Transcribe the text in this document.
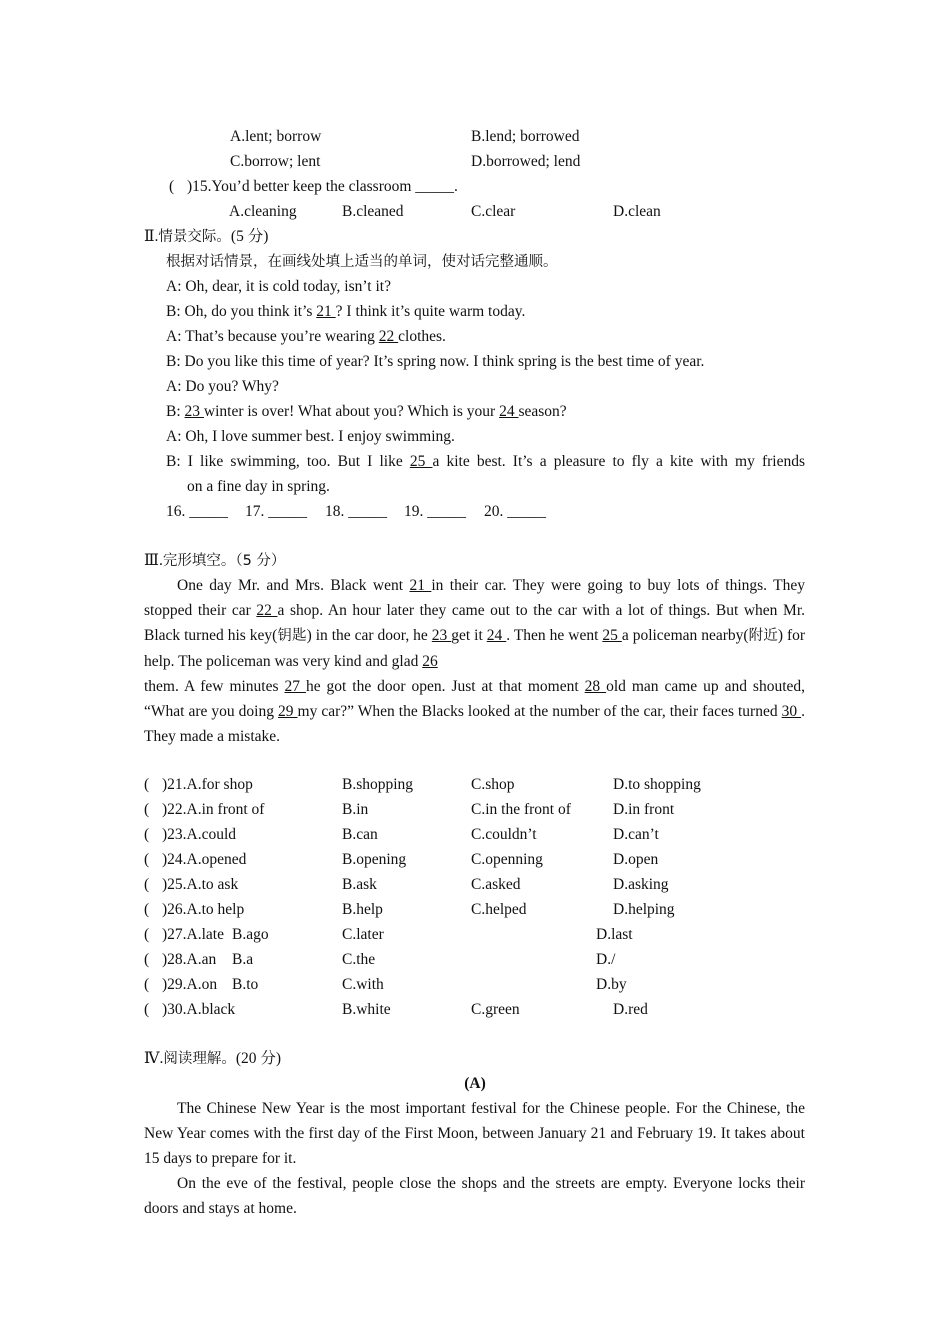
A.lent; borrow	B.lend; borrowed
C.borrow; lent	D.borrowed; lend
( )15.You’d better keep the classroom _____.
A.cleaning	B.cleaned	C.clear	D.clean
Ⅱ.情景交际。(5 分)
根据对话情景，在画线处填上适当的单词，使对话完整通顺。
A: Oh, dear, it is cold today, isn’t it?
B: Oh, do you think it’s 21 ? I think it’s quite warm today.
A: That’s because you’re wearing 22 clothes.
B: Do you like this time of year? It’s spring now. I think spring is the best time of year.
A: Do you? Why?
B: 23 winter is over! What about you? Which is your 24 season?
A: Oh, I love summer best. I enjoy swimming.
B: I like swimming, too. But I like 25 a kite best. It’s a pleasure to fly a kite with my friends
on a fine day in spring.
16. _____ 17. _____ 18. _____ 19. _____ 20. _____
Ⅲ.完形填空。（5 分）
One day Mr. and Mrs. Black went 21 in their car. They were going to buy lots of things. They stopped their car 22 a shop. An hour later they came out to the car with a lot of things. But when Mr. Black turned his key(钥匙) in the car door, he 23 get it 24 . Then he went 25 a policeman nearby(附近) for help. The policeman was very kind and glad 26
them. A few minutes 27 he got the door open. Just at that moment 28 old man came up and shouted, “What are you doing 29 my car?” When the Blacks looked at the number of the car, their faces turned 30 . They made a mistake.
( )21.A.for shop	B.shopping	C.shop	D.to shopping
( )22.A.in front of	B.in	C.in the front of	D.in front
( )23.A.could	B.can	C.couldn’t	D.can’t
( )24.A.opened	B.opening	C.openning	D.open
( )25.A.to ask	B.ask	C.asked	D.asking
( )26.A.to help	B.help	C.helped	D.helping
( )27.A.late B.ago	C.later	D.last
( )28.A.an B.a	C.the	D./
( )29.A.on B.to	C.with	D.by
( )30.A.black	B.white	C.green	D.red
Ⅳ.阅读理解。(20 分)
(A)
The Chinese New Year is the most important festival for the Chinese people. For the Chinese, the New Year comes with the first day of the First Moon, between January 21 and February 19. It takes about 15 days to prepare for it.
On the eve of the festival, people close the shops and the streets are empty. Everyone locks their doors and stays at home.
